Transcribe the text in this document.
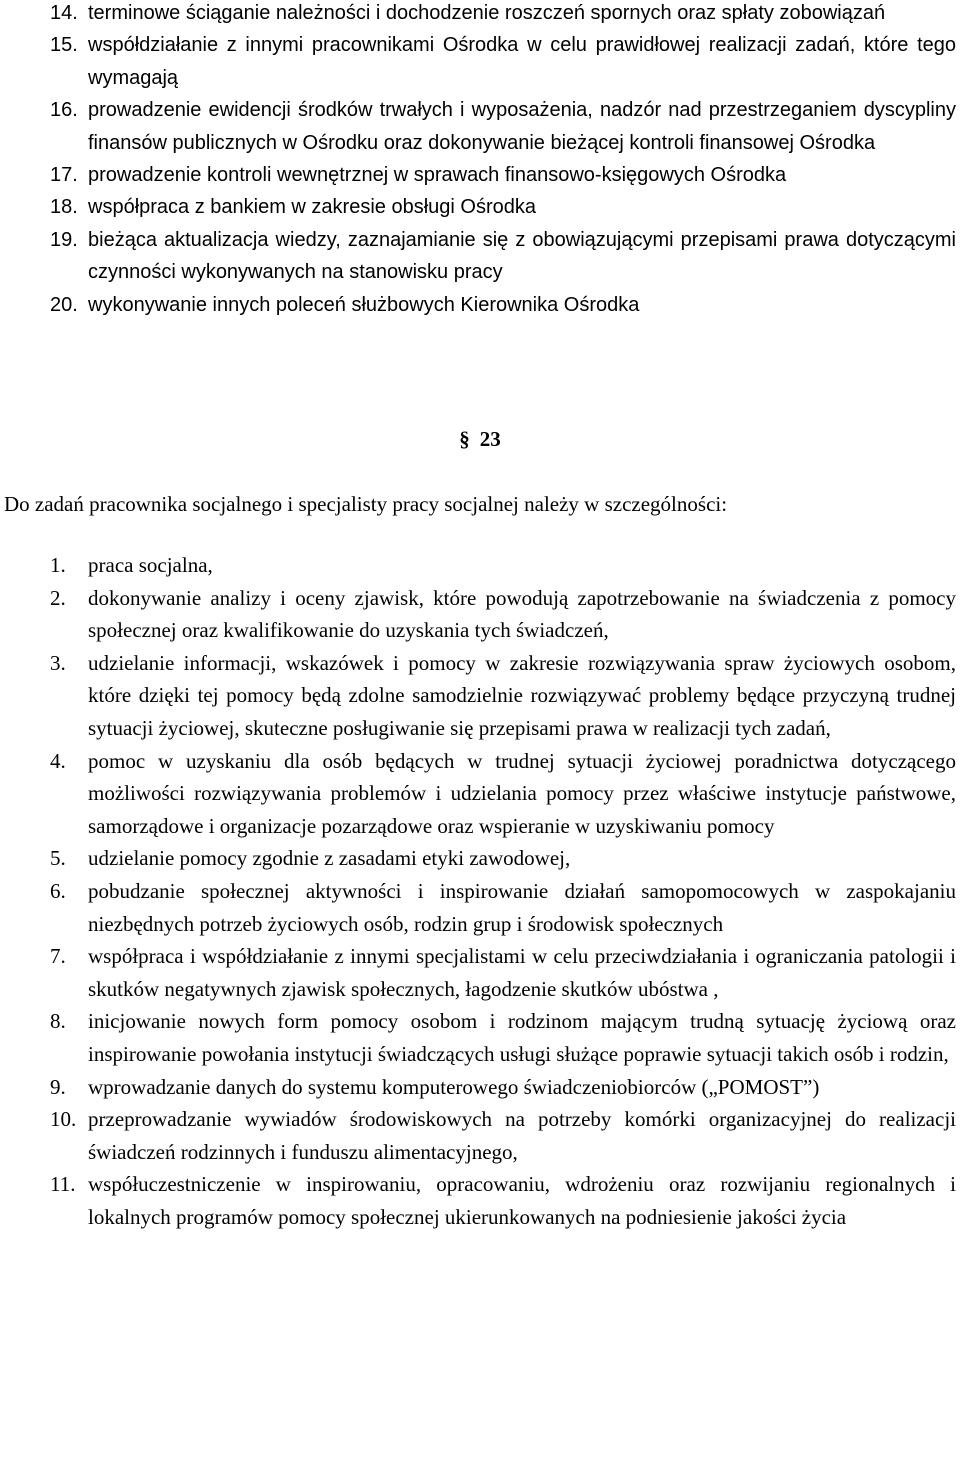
14. terminowe ściąganie należności i dochodzenie roszczeń spornych oraz spłaty zobowiązań
15. współdziałanie z innymi pracownikami Ośrodka w celu prawidłowej realizacji zadań, które tego wymagają
16. prowadzenie ewidencji środków trwałych i wyposażenia, nadzór nad przestrzeganiem dyscypliny finansów publicznych w Ośrodku oraz dokonywanie bieżącej kontroli finansowej Ośrodka
17. prowadzenie kontroli wewnętrznej w sprawach finansowo-księgowych Ośrodka
18. współpraca z bankiem w zakresie obsługi Ośrodka
19. bieżąca aktualizacja wiedzy, zaznajamianie się z obowiązującymi przepisami prawa dotyczącymi czynności wykonywanych na stanowisku pracy
20. wykonywanie innych poleceń służbowych Kierownika Ośrodka
§ 23

Do zadań pracownika socjalnego i specjalisty pracy socjalnej należy w szczególności:

1. praca socjalna,
2. dokonywanie analizy i oceny zjawisk, które powodują zapotrzebowanie na świadczenia z pomocy społecznej oraz kwalifikowanie do uzyskania tych świadczeń,
3. udzielanie informacji, wskazówek i pomocy w zakresie rozwiązywania spraw życiowych osobom, które dzięki tej pomocy będą zdolne samodzielnie rozwiązywać problemy będące przyczyną trudnej sytuacji życiowej, skuteczne posługiwanie się przepisami prawa w realizacji tych zadań,
4. pomoc w uzyskaniu dla osób będących w trudnej sytuacji życiowej poradnictwa dotyczącego możliwości rozwiązywania problemów i udzielania pomocy przez właściwe instytucje państwowe, samorządowe i organizacje pozarządowe oraz wspieranie w uzyskiwaniu pomocy
5. udzielanie pomocy zgodnie z zasadami etyki zawodowej,
6. pobudzanie społecznej aktywności i inspirowanie działań samopomocowych w zaspokajaniu niezbędnych potrzeb życiowych osób, rodzin grup i środowisk społecznych
7. współpraca i współdziałanie z innymi specjalistami w celu przeciwdziałania i ograniczania patologii i skutków negatywnych zjawisk społecznych, łagodzenie skutków ubóstwa ,
8. inicjowanie nowych form pomocy osobom i rodzinom mającym trudną sytuację życiową oraz inspirowanie powołania instytucji świadczących usługi służące poprawie sytuacji takich osób i rodzin,
9. wprowadzanie danych do systemu komputerowego świadczeniobiorców („POMOST”)
10. przeprowadzanie wywiadów środowiskowych na potrzeby komórki organizacyjnej do realizacji świadczeń rodzinnych i funduszu alimentacyjnego,
11. współuczestniczenie w inspirowaniu, opracowaniu, wdrożeniu oraz rozwijaniu regionalnych i lokalnych programów pomocy społecznej ukierunkowanych na podniesienie jakości życia
